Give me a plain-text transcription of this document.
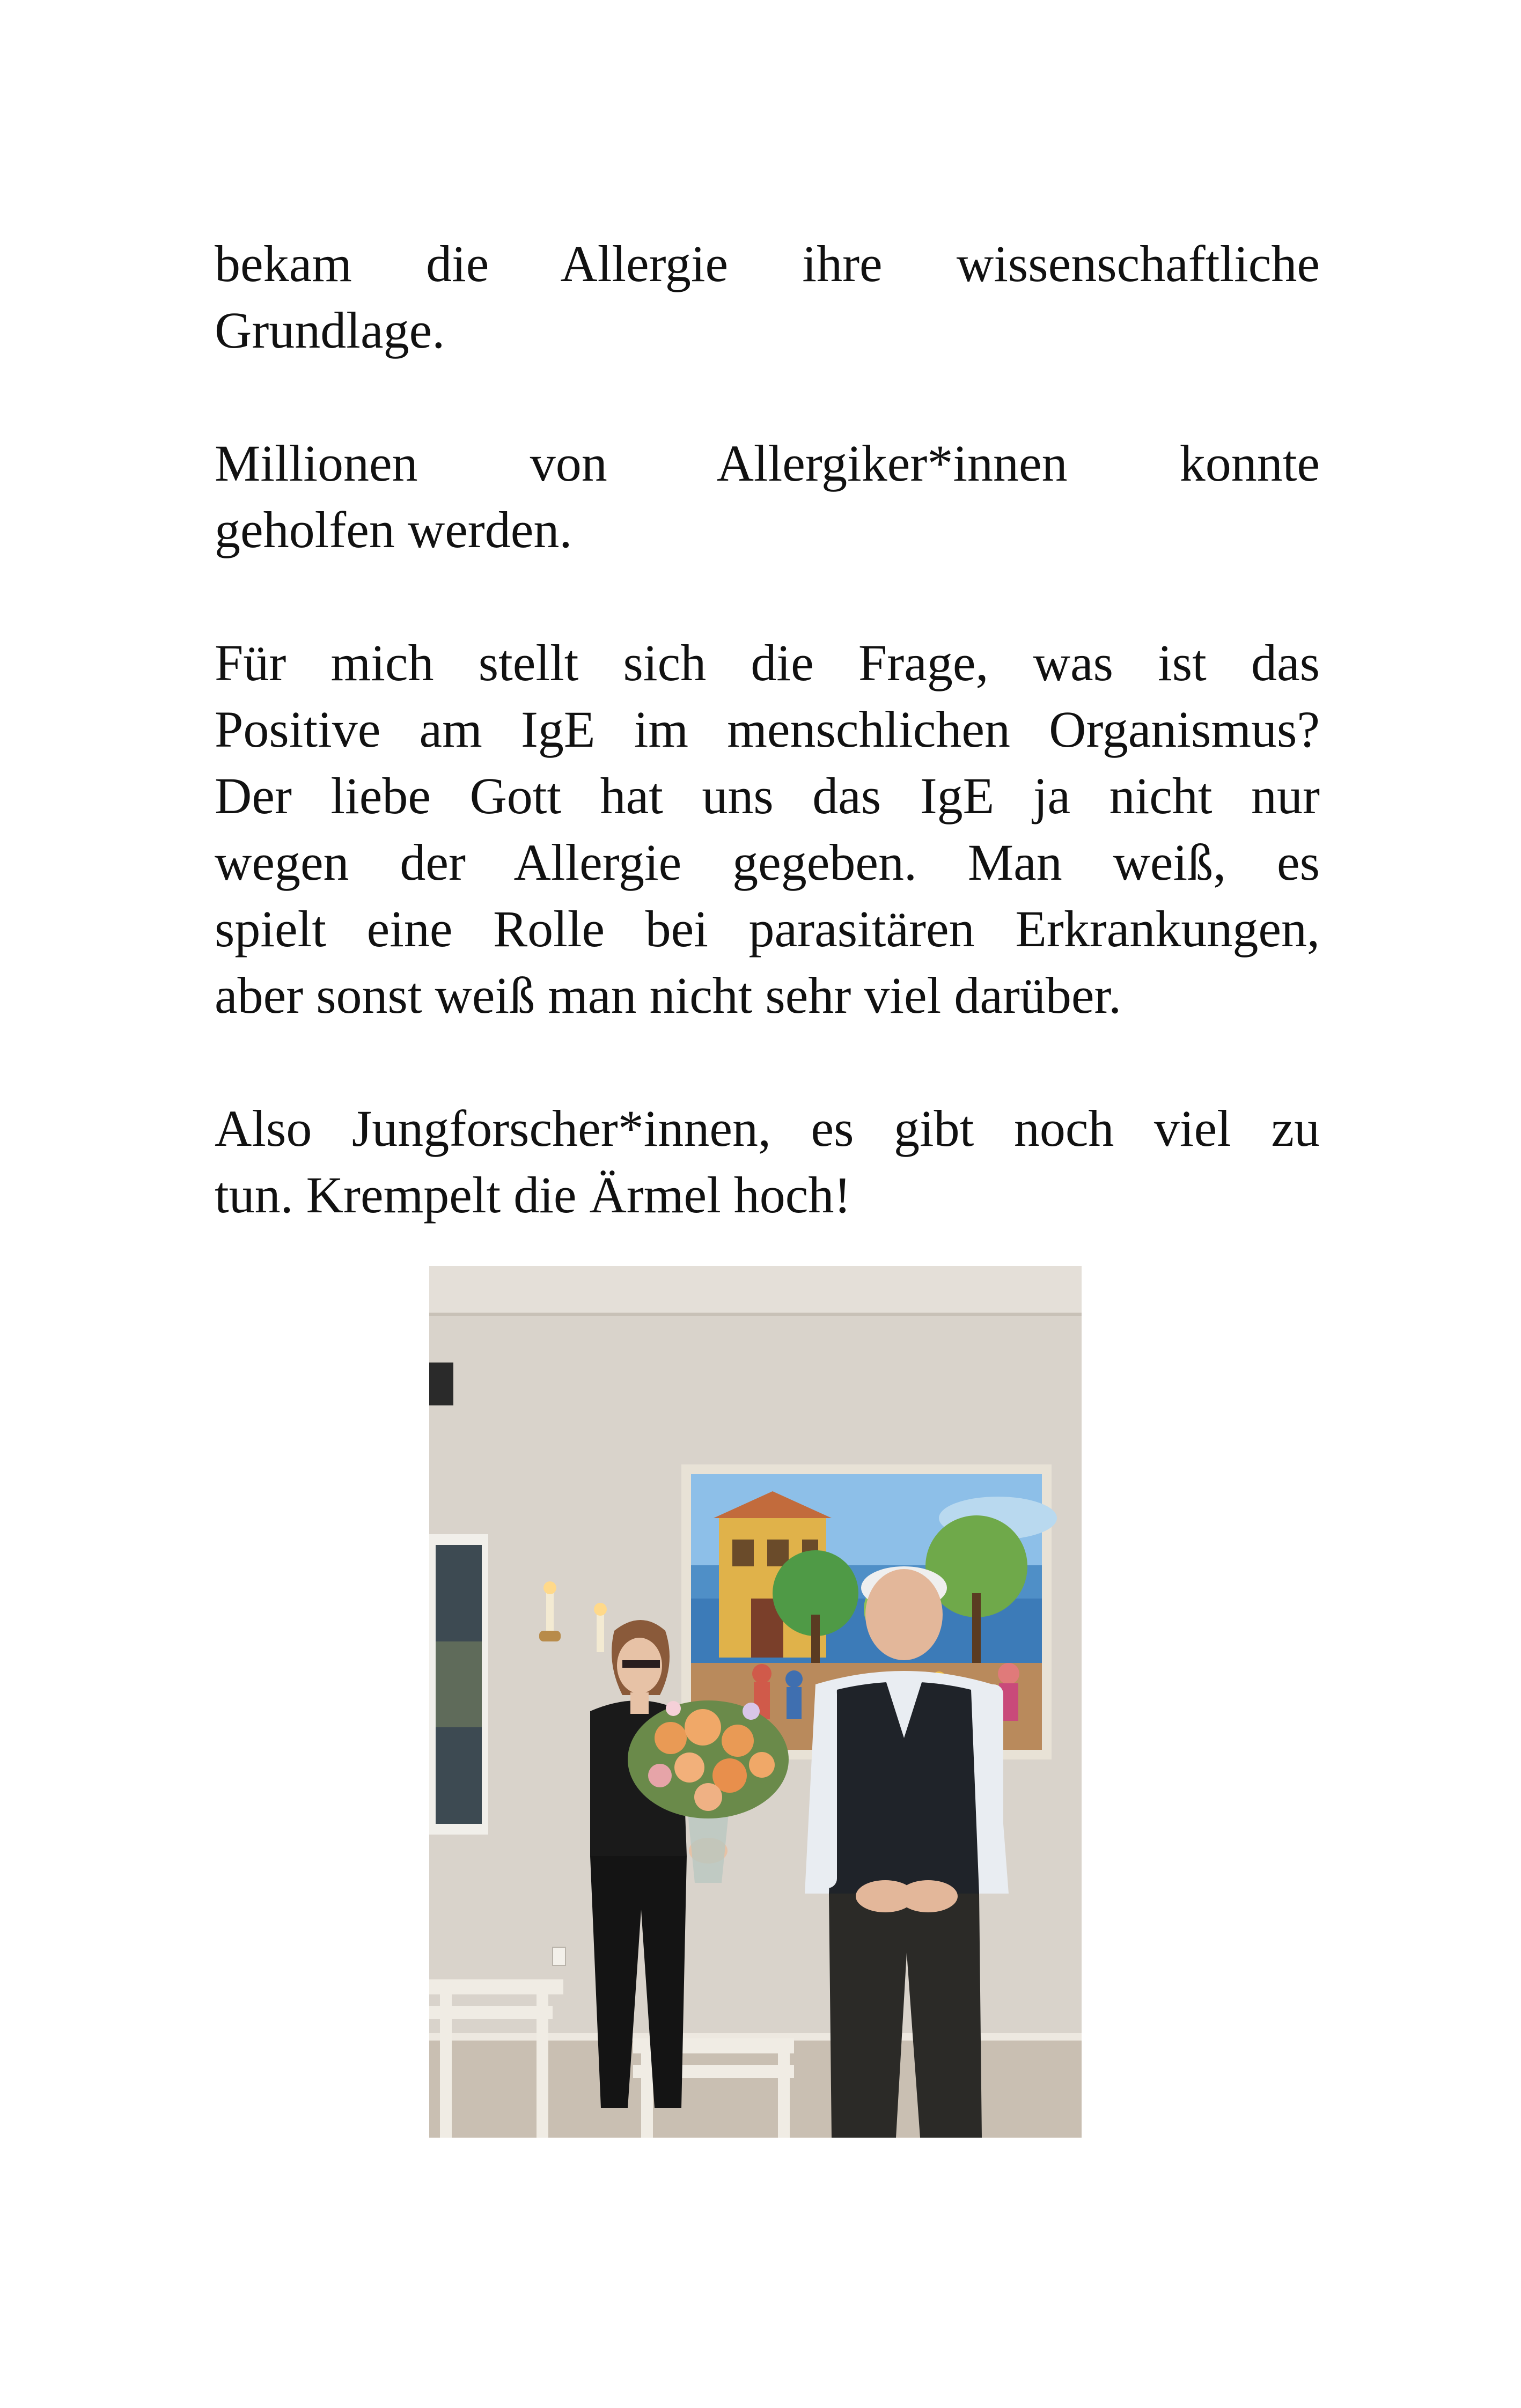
bekam die Allergie ihre wissenschaftliche
Grundlage.

Millionen von Allergiker*innen konnte
geholfen werden.

Für mich stellt sich die Frage, was ist das
Positive am IgE im menschlichen Organismus?
Der liebe Gott hat uns das IgE ja nicht nur
wegen der Allergie gegeben. Man weiß, es
spielt eine Rolle bei parasitären Erkrankungen,
aber sonst weiß man nicht sehr viel darüber.

Also Jungforscher*innen, es gibt noch viel zu
tun. Krempelt die Ärmel hoch!
